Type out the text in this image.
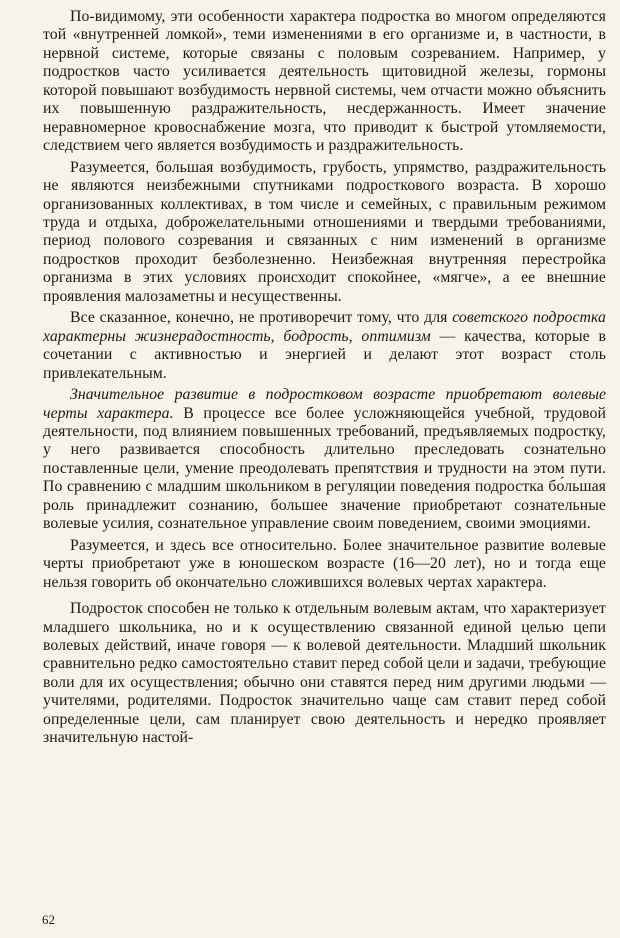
По-видимому, эти особенности характера подростка во многом определяются той «внутренней ломкой», теми изменениями в его организме и, в частности, в нервной системе, которые связаны с половым созреванием. Например, у подростков часто усиливается деятельность щитовидной железы, гормоны которой повышают возбудимость нервной системы, чем отчасти можно объяснить их повышенную раздражительность, несдержанность. Имеет значение неравномерное кровоснабжение мозга, что приводит к быстрой утомляемости, следствием чего является возбудимость и раздражительность.

Разумеется, большая возбудимость, грубость, упрямство, раздражительность не являются неизбежными спутниками подросткового возраста. В хорошо организованных коллективах, в том числе и семейных, с правильным режимом труда и отдыха, доброжелательными отношениями и твердыми требованиями, период полового созревания и связанных с ним изменений в организме подростков проходит безболезненно. Неизбежная внутренняя перестройка организма в этих условиях происходит спокойнее, «мягче», а ее внешние проявления малозаметны и несущественны.

Все сказанное, конечно, не противоречит тому, что для советского подростка характерны жизнерадостность, бодрость, оптимизм — качества, которые в сочетании с активностью и энергией и делают этот возраст столь привлекательным.

Значительное развитие в подростковом возрасте приобретают волевые черты характера. В процессе все более усложняющейся учебной, трудовой деятельности, под влиянием повышенных требований, предъявляемых подростку, у него развивается способность длительно преследовать сознательно поставленные цели, умение преодолевать препятствия и трудности на этом пути. По сравнению с младшим школьником в регуляции поведения подростка бо́льшая роль принадлежит сознанию, большее значение приобретают сознательные волевые усилия, сознательное управление своим поведением, своими эмоциями.

Разумеется, и здесь все относительно. Более значительное развитие волевые черты приобретают уже в юношеском возрасте (16—20 лет), но и тогда еще нельзя говорить об окончательно сложившихся волевых чертах характера.

Подросток способен не только к отдельным волевым актам, что характеризует младшего школьника, но и к осуществлению связанной единой целью цепи волевых действий, иначе говоря — к волевой деятельности. Младший школьник сравнительно редко самостоятельно ставит перед собой цели и задачи, требующие воли для их осуществления; обычно они ставятся перед ним другими людьми — учителями, родителями. Подросток значительно чаще сам ставит перед собой определенные цели, сам планирует свою деятельность и нередко проявляет значительную настой-

62
